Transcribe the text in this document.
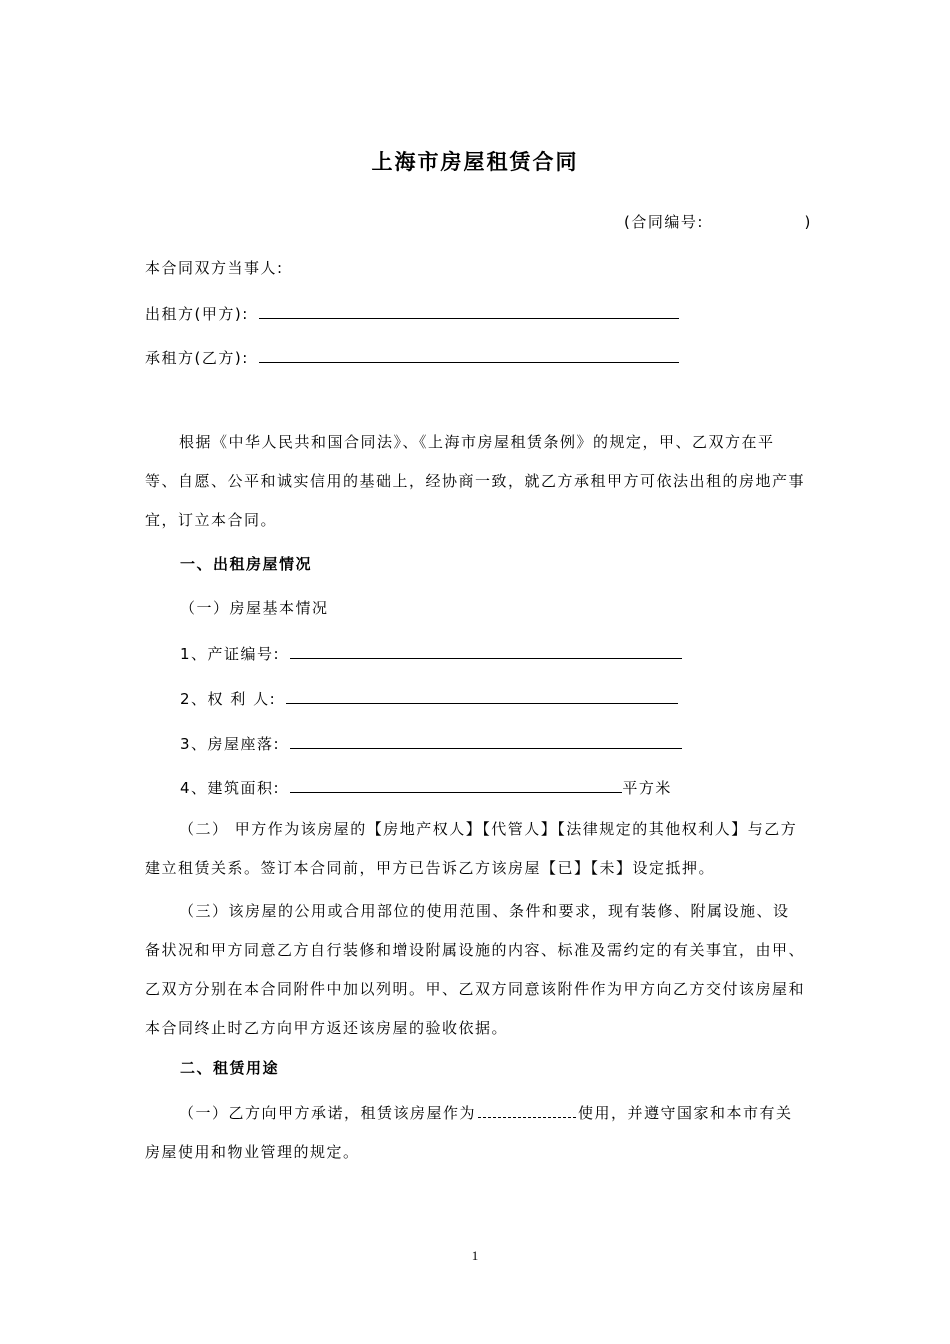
上海市房屋租赁合同
(合同编号:	)
本合同双方当事人:
出租方(甲方):
承租方(乙方):

根据《中华人民共和国合同法》、《上海市房屋租赁条例》的规定，甲、乙双方在平等、自愿、公平和诚实信用的基础上，经协商一致，就乙方承租甲方可依法出租的房地产事宜，订立本合同。

一、出租房屋情况
（一）房屋基本情况
1、产证编号:
2、权 利 人:
3、房屋座落:
4、建筑面积:	平方米

（二） 甲方作为该房屋的【房地产权人】【代管人】【法律规定的其他权利人】与乙方建立租赁关系。签订本合同前，甲方已告诉乙方该房屋【已】【未】设定抵押。

（三）该房屋的公用或合用部位的使用范围、条件和要求，现有装修、附属设施、设备状况和甲方同意乙方自行装修和增设附属设施的内容、标准及需约定的有关事宜，由甲、乙双方分别在本合同附件中加以列明。甲、乙双方同意该附件作为甲方向乙方交付该房屋和本合同终止时乙方向甲方返还该房屋的验收依据。

二、租赁用途

（一）乙方向甲方承诺，租赁该房屋作为	使用，并遵守国家和本市有关房屋使用和物业管理的规定。

1
